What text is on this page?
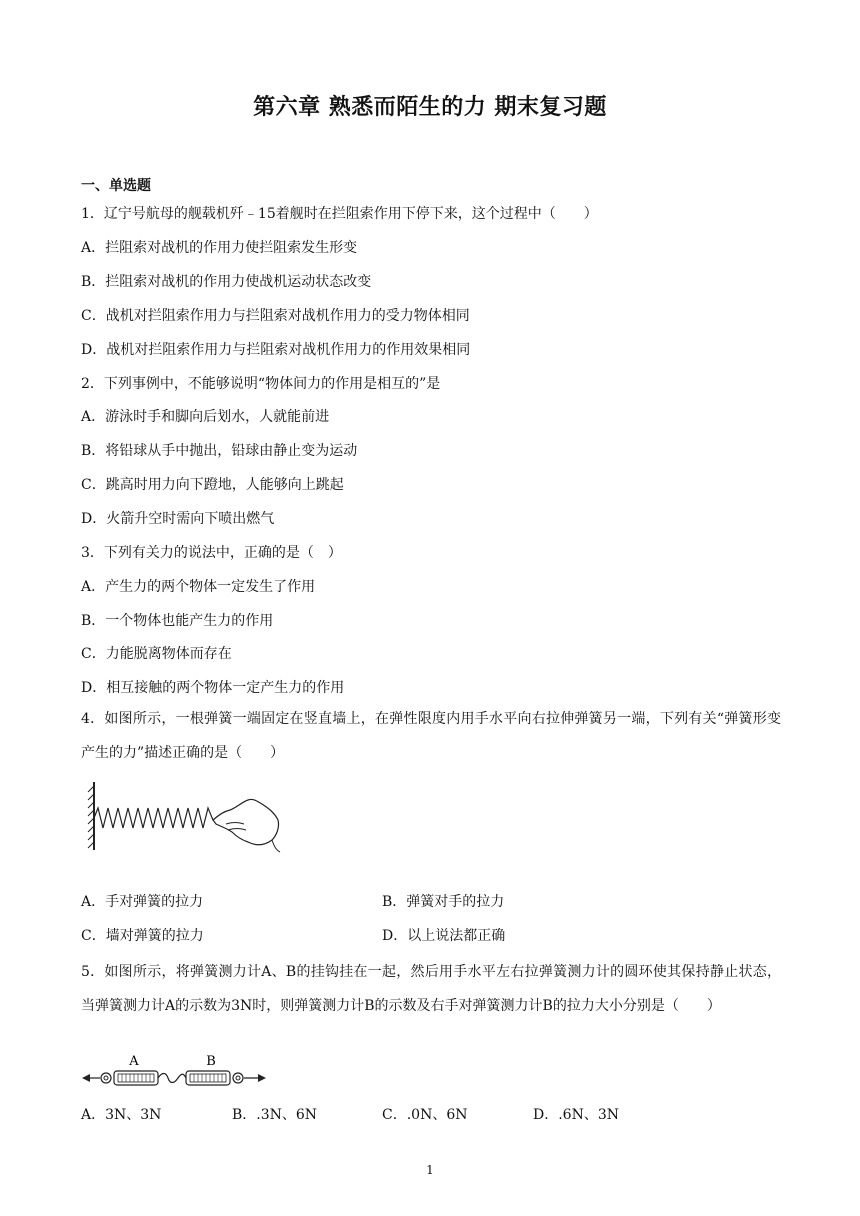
第六章 熟悉而陌生的力 期末复习题
一、单选题
1．辽宁号航母的舰载机歼﹣15着舰时在拦阻索作用下停下来，这个过程中（　　）
A．拦阻索对战机的作用力使拦阻索发生形变
B．拦阻索对战机的作用力使战机运动状态改变
C．战机对拦阻索作用力与拦阻索对战机作用力的受力物体相同
D．战机对拦阻索作用力与拦阻索对战机作用力的作用效果相同
2．下列事例中，不能够说明“物体间力的作用是相互的”是
A．游泳时手和脚向后划水，人就能前进
B．将铅球从手中抛出，铅球由静止变为运动
C．跳高时用力向下蹬地，人能够向上跳起
D．火箭升空时需向下喷出燃气
3．下列有关力的说法中，正确的是（　）
A．产生力的两个物体一定发生了作用
B．一个物体也能产生力的作用
C．力能脱离物体而存在
D．相互接触的两个物体一定产生力的作用
4．如图所示，一根弹簧一端固定在竖直墙上，在弹性限度内用手水平向右拉伸弹簧另一端，下列有关“弹簧形变产生的力”描述正确的是（　　）
A．手对弹簧的拉力	B．弹簧对手的拉力
C．墙对弹簧的拉力	D．以上说法都正确
5．如图所示，将弹簧测力计A、B的挂钩挂在一起，然后用手水平左右拉弹簧测力计的圆环使其保持静止状态，当弹簧测力计A的示数为3N时，则弹簧测力计B的示数及右手对弹簧测力计B的拉力大小分别是（　　）
A	B
A．3N、3N	B．.3N、6N	C．.0N、6N	D．.6N、3N
1
